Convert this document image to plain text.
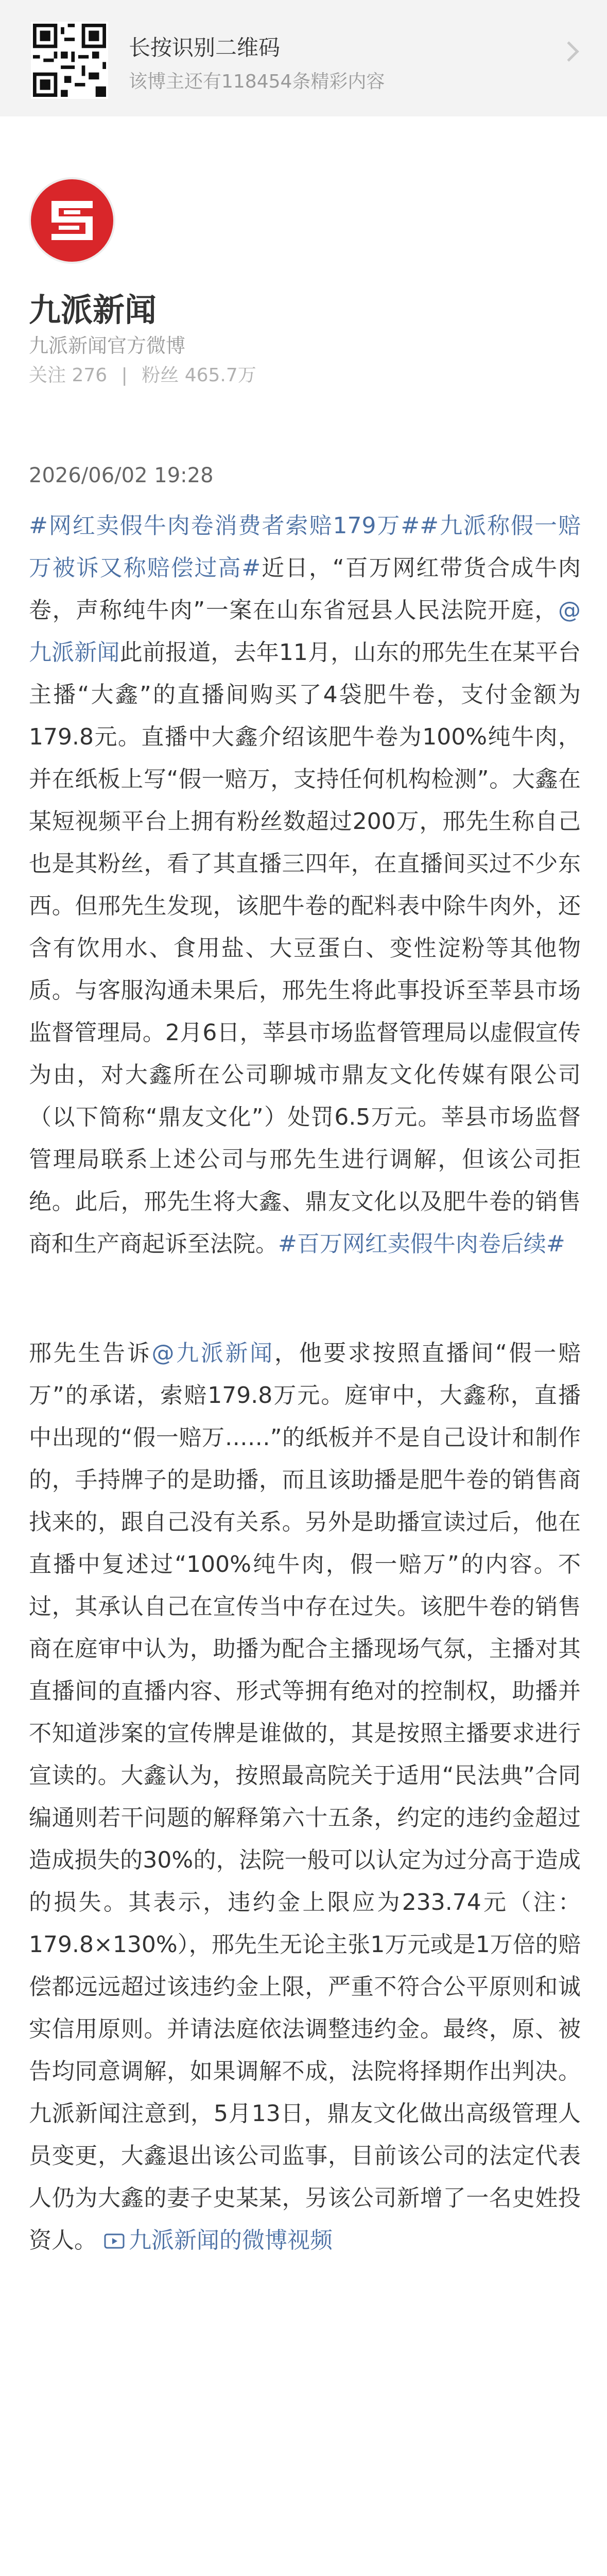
长按识别二维码
该博主还有118454条精彩内容
九派新闻
九派新闻官方微博
关注 276 | 粉丝 465.7万
2026/06/02 19:28

#网红卖假牛肉卷消费者索赔179万##九派称假一赔万被诉又称赔偿过高#近日，“百万网红带货合成牛肉卷，声称纯牛肉”一案在山东省冠县人民法院开庭，@九派新闻此前报道，去年11月，山东的邢先生在某平台主播“大鑫”的直播间购买了4袋肥牛卷，支付金额为179.8元。直播中大鑫介绍该肥牛卷为100%纯牛肉，并在纸板上写“假一赔万，支持任何机构检测”。大鑫在某短视频平台上拥有粉丝数超过200万，邢先生称自己也是其粉丝，看了其直播三四年，在直播间买过不少东西。但邢先生发现，该肥牛卷的配料表中除牛肉外，还含有饮用水、食用盐、大豆蛋白、变性淀粉等其他物质。与客服沟通未果后，邢先生将此事投诉至莘县市场监督管理局。2月6日，莘县市场监督管理局以虚假宣传为由，对大鑫所在公司聊城市鼎友文化传媒有限公司（以下简称“鼎友文化”）处罚6.5万元。莘县市场监督管理局联系上述公司与邢先生进行调解，但该公司拒绝。此后，邢先生将大鑫、鼎友文化以及肥牛卷的销售商和生产商起诉至法院。#百万网红卖假牛肉卷后续#

邢先生告诉@九派新闻，他要求按照直播间“假一赔万”的承诺，索赔179.8万元。庭审中，大鑫称，直播中出现的“假一赔万……”的纸板并不是自己设计和制作的，手持牌子的是助播，而且该助播是肥牛卷的销售商找来的，跟自己没有关系。另外是助播宣读过后，他在直播中复述过“100%纯牛肉，假一赔万”的内容。不过，其承认自己在宣传当中存在过失。该肥牛卷的销售商在庭审中认为，助播为配合主播现场气氛，主播对其直播间的直播内容、形式等拥有绝对的控制权，助播并不知道涉案的宣传牌是谁做的，其是按照主播要求进行宣读的。大鑫认为，按照最高院关于适用“民法典”合同编通则若干问题的解释第六十五条，约定的违约金超过造成损失的30%的，法院一般可以认定为过分高于造成的损失。其表示，违约金上限应为233.74元（注：179.8×130%），邢先生无论主张1万元或是1万倍的赔偿都远远超过该违约金上限，严重不符合公平原则和诚实信用原则。并请法庭依法调整违约金。最终，原、被告均同意调解，如果调解不成，法院将择期作出判决。九派新闻注意到，5月13日，鼎友文化做出高级管理人员变更，大鑫退出该公司监事，目前该公司的法定代表人仍为大鑫的妻子史某某，另该公司新增了一名史姓投资人。 九派新闻的微博视频
